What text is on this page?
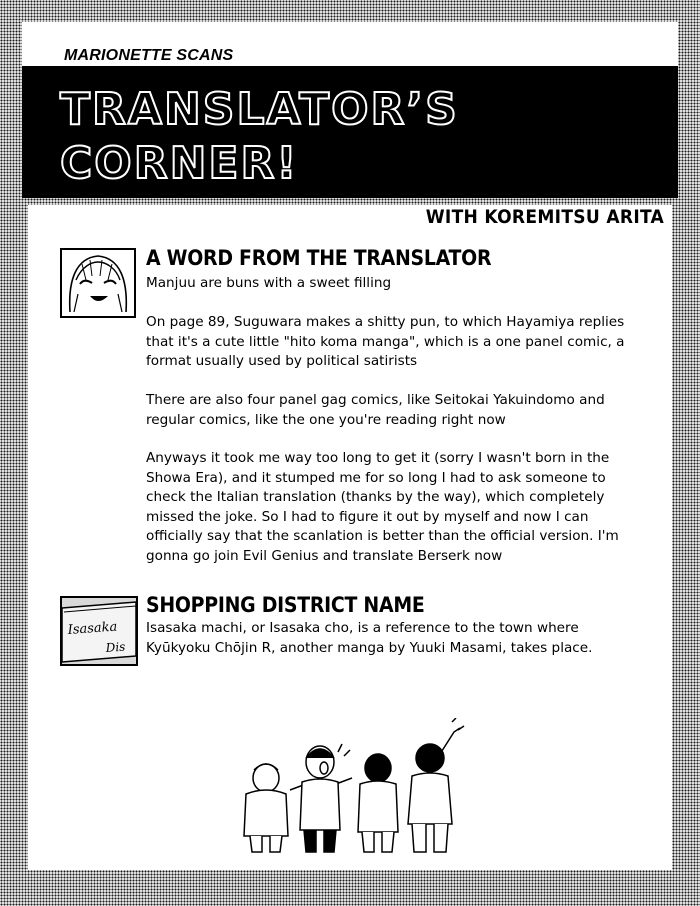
MARIONETTE SCANS
TRANSLATOR’S
CORNER!
WITH KOREMITSU ARITA
A WORD FROM THE TRANSLATOR

Manjuu are buns with a sweet filling

On page 89, Suguwara makes a shitty pun, to which Hayamiya replies that it's a cute little "hito koma manga", which is a one panel comic, a format usually used by political satirists

There are also four panel gag comics, like Seitokai Yakuindomo and regular comics, like the one you're reading right now

Anyways it took me way too long to get it (sorry I wasn't born in the Showa Era), and it stumped me for so long I had to ask someone to check the Italian translation (thanks by the way), which completely missed the joke. So I had to figure it out by myself and now I can officially say that the scanlation is better than the official version. I'm gonna go join Evil Genius and translate Berserk now

Isasaka
Dis
SHOPPING DISTRICT NAME

Isasaka machi, or Isasaka cho, is a reference to the town where Kyūkyoku Chōjin R, another manga by Yuuki Masami, takes place.
